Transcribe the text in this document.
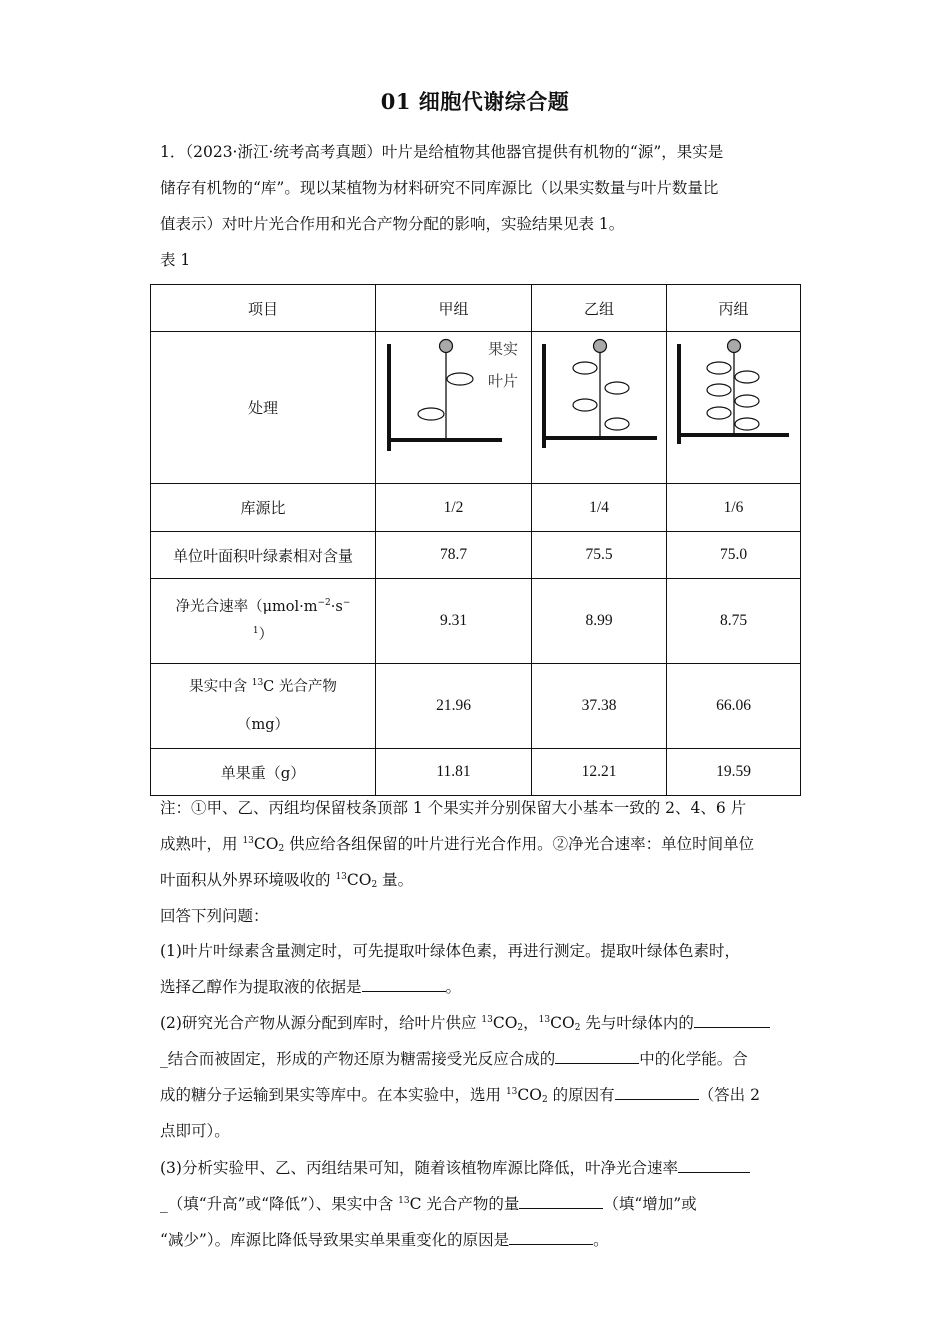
01 细胞代谢综合题
1．（2023·浙江·统考高考真题）叶片是给植物其他器官提供有机物的“源”，果实是
储存有机物的“库”。现以某植物为材料研究不同库源比（以果实数量与叶片数量比
值表示）对叶片光合作用和光合产物分配的影响，实验结果见表 1。
表 1
项目	甲组	乙组	丙组
处理	果实
叶片

库源比	1/2	1/4	1/6
单位叶面积叶绿素相对含量	78.7	75.5	75.0
净光合速率（$\mu mol\cdot m^{-2}\cdot s^-$
$^1$）	9.31	8.99	8.75
果实中含 $^{13}$C 光合产物
（mg）	21.96	37.38	66.06
单果重（g）	11.81	12.21	19.59
注：①甲、乙、丙组均保留枝条顶部 1 个果实并分别保留大小基本一致的 2、4、6 片
成熟叶，用 $^{13}CO_2$ 供应给各组保留的叶片进行光合作用。②净光合速率：单位时间单位
叶面积从外界环境吸收的 $^{13}CO_2$ 量。
回答下列问题：
(1)叶片叶绿素含量测定时，可先提取叶绿体色素，再进行测定。提取叶绿体色素时，
选择乙醇作为提取液的依据是	。
(2)研究光合产物从源分配到库时，给叶片供应 $^{13}CO_2$，$^{13}CO_2$ 先与叶绿体内的
_结合而被固定，形成的产物还原为糖需接受光反应合成的	中的化学能。合
成的糖分子运输到果实等库中。在本实验中，选用 $^{13}CO_2$ 的原因有	（答出 2
点即可）。
(3)分析实验甲、乙、丙组结果可知，随着该植物库源比降低，叶净光合速率
_（填“升高”或“降低”）、果实中含 $^{13}$C 光合产物的量	（填“增加”或
“减少”）。库源比降低导致果实单果重变化的原因是	。
